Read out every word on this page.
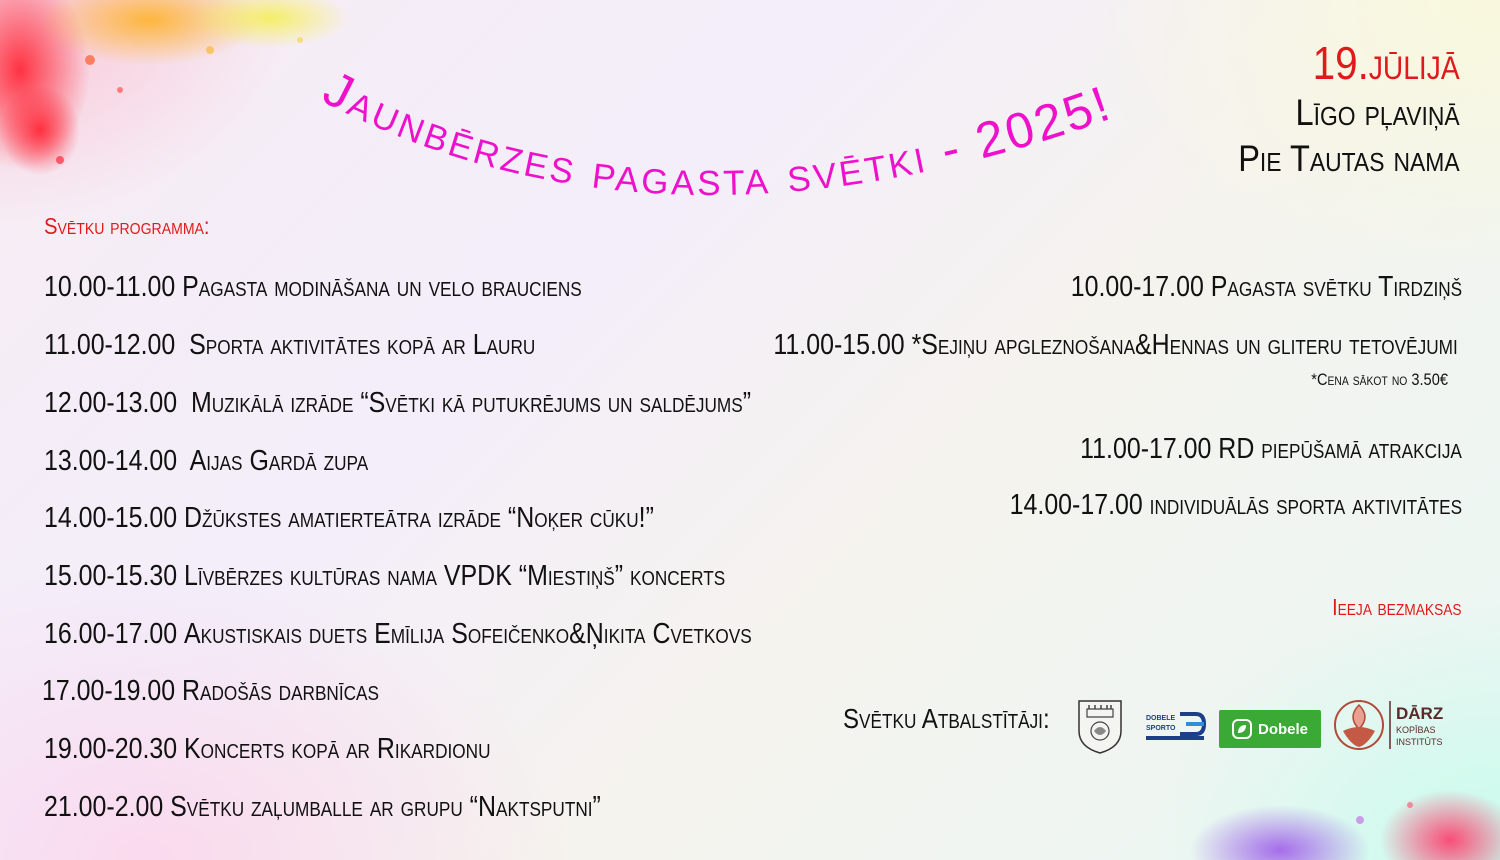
Jaunbērzes pagasta svētki - 2025!
19.jūlijā
Līgo pļaviņā
Pie Tautas nama
Svētku programma:
10.00-11.00 Pagasta modināšana un velo brauciens
11.00-12.00 Sporta aktivitātes kopā ar Lauru
12.00-13.00 Muzikālā izrāde “Svētki kā putukrējums un saldējums”
13.00-14.00 Aijas Gardā zupa
14.00-15.00 Džūkstes amatierteātra izrāde “Noķer cūku!”
15.00-15.30 Līvbērzes kultūras nama VPDK “Miestiņš” koncerts
16.00-17.00 Akustiskais duets Emīlija Sofeičenko&Ņikita Cvetkovs
17.00-19.00 Radošās darbnīcas
19.00-20.30 Koncerts kopā ar Rikardionu
21.00-2.00 Svētku zaļumballe ar grupu “Naktsputni”
10.00-17.00 Pagasta svētku Tirdziņš
11.00-15.00 *Sejiņu apgleznošana&Hennas un gliteru tetovējumi
*Cena sākot no 3.50€
11.00-17.00 RD piepūšamā atrakcija
14.00-17.00 individuālās sporta aktivitātes
Ieeja bezmaksas
Svētku Atbalstītāji:	DOBELE
SPORTO	Dobele
DĀRZ
KOPĪBAS
INSTITŪTS
